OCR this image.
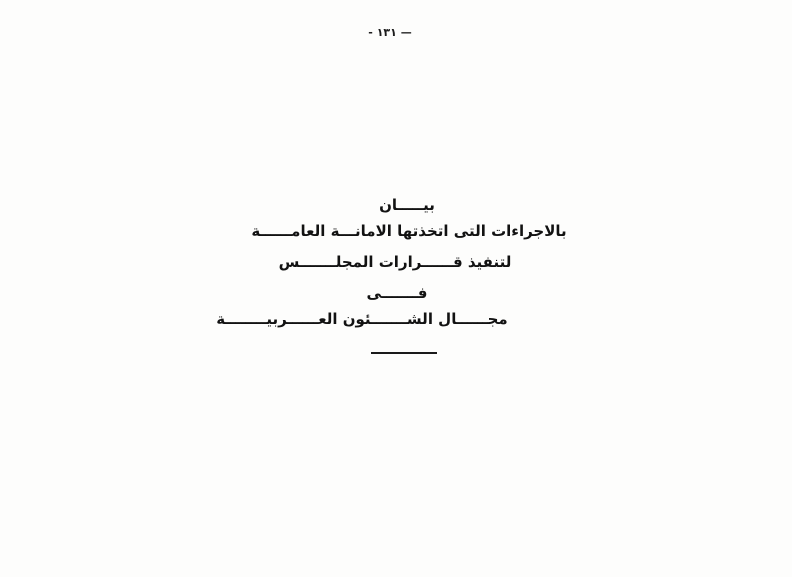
- ١٣١ —
بيـــــان
بالاجراءات التى اتخذتها الامانـــة العامــــــة
لتنفيذ قــــــرارات المجلـــــــس
فـــــــى
مجــــــال الشـــــــئون العــــــربيــــــــة
